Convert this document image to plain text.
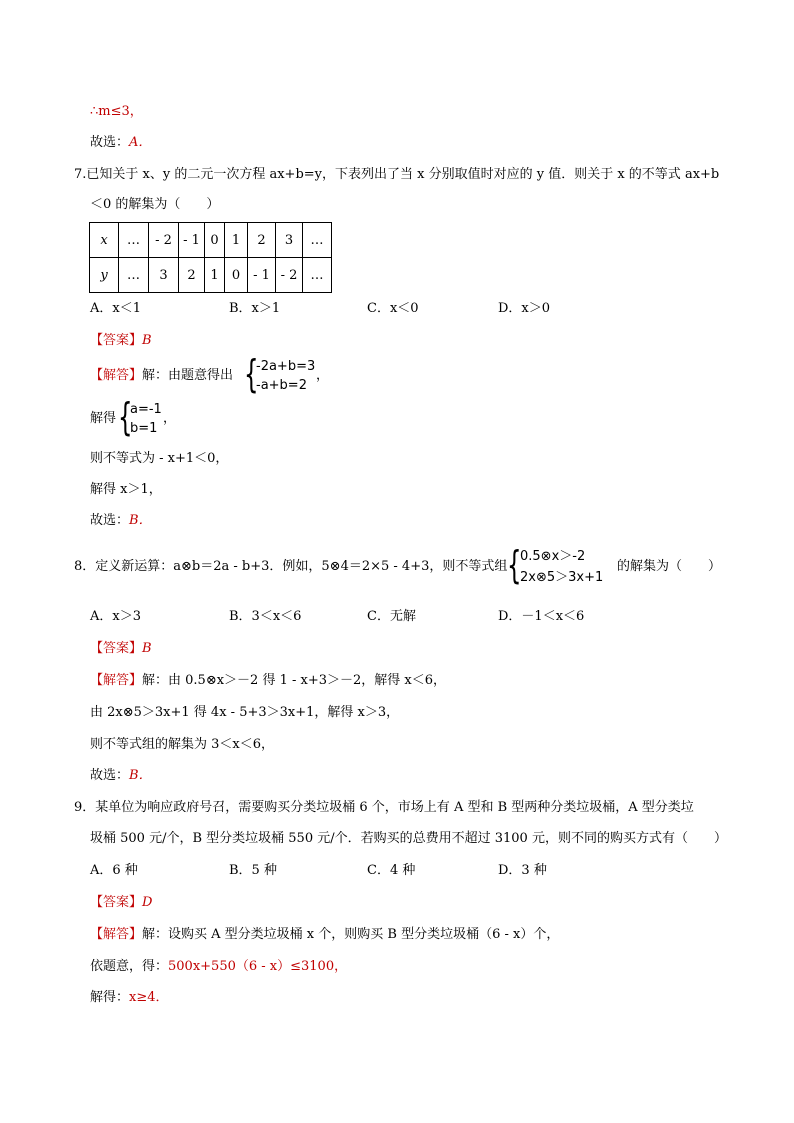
∴m≤3，
故选：A．
7.已知关于 x、y 的二元一次方程 ax+b=y，下表列出了当 x 分别取值时对应的 y 值．则关于 x 的不等式 ax+b
＜0 的解集为（　　）
x	…	- 2	- 1	0	1	2	3	…
y	…	3	2	1	0	- 1	- 2	…
A．x＜1	B．x＞1	C．x＜0	D．x＞0
【答案】B
【解答】解：由题意得出 {
-2a+b=3
-a+b=2
，
解得 {
a=-1
b=1
，
则不等式为 - x+1＜0，
解得 x＞1，
故选：B．
8．定义新运算：a⊗b＝2a - b+3．例如，5⊗4＝2×5 - 4+3，则不等式组 {
0.5⊗x＞-2
2x⊗5＞3x+1
的解集为（　　）
A．x＞3	B．3＜x＜6	C．无解	D．－1＜x＜6
【答案】B
【解答】解：由 0.5⊗x＞－2 得 1 - x+3＞－2，解得 x＜6，
由 2x⊗5＞3x+1 得 4x - 5+3＞3x+1，解得 x＞3，
则不等式组的解集为 3＜x＜6，
故选：B．
9．某单位为响应政府号召，需要购买分类垃圾桶 6 个，市场上有 A 型和 B 型两种分类垃圾桶，A 型分类垃
圾桶 500 元/个，B 型分类垃圾桶 550 元/个．若购买的总费用不超过 3100 元，则不同的购买方式有（　　）
A．6 种	B．5 种	C．4 种	D．3 种
【答案】D
【解答】解：设购买 A 型分类垃圾桶 x 个，则购买 B 型分类垃圾桶（6 - x）个，
依题意，得：500x+550（6 - x）≤3100，
解得：x≥4．
